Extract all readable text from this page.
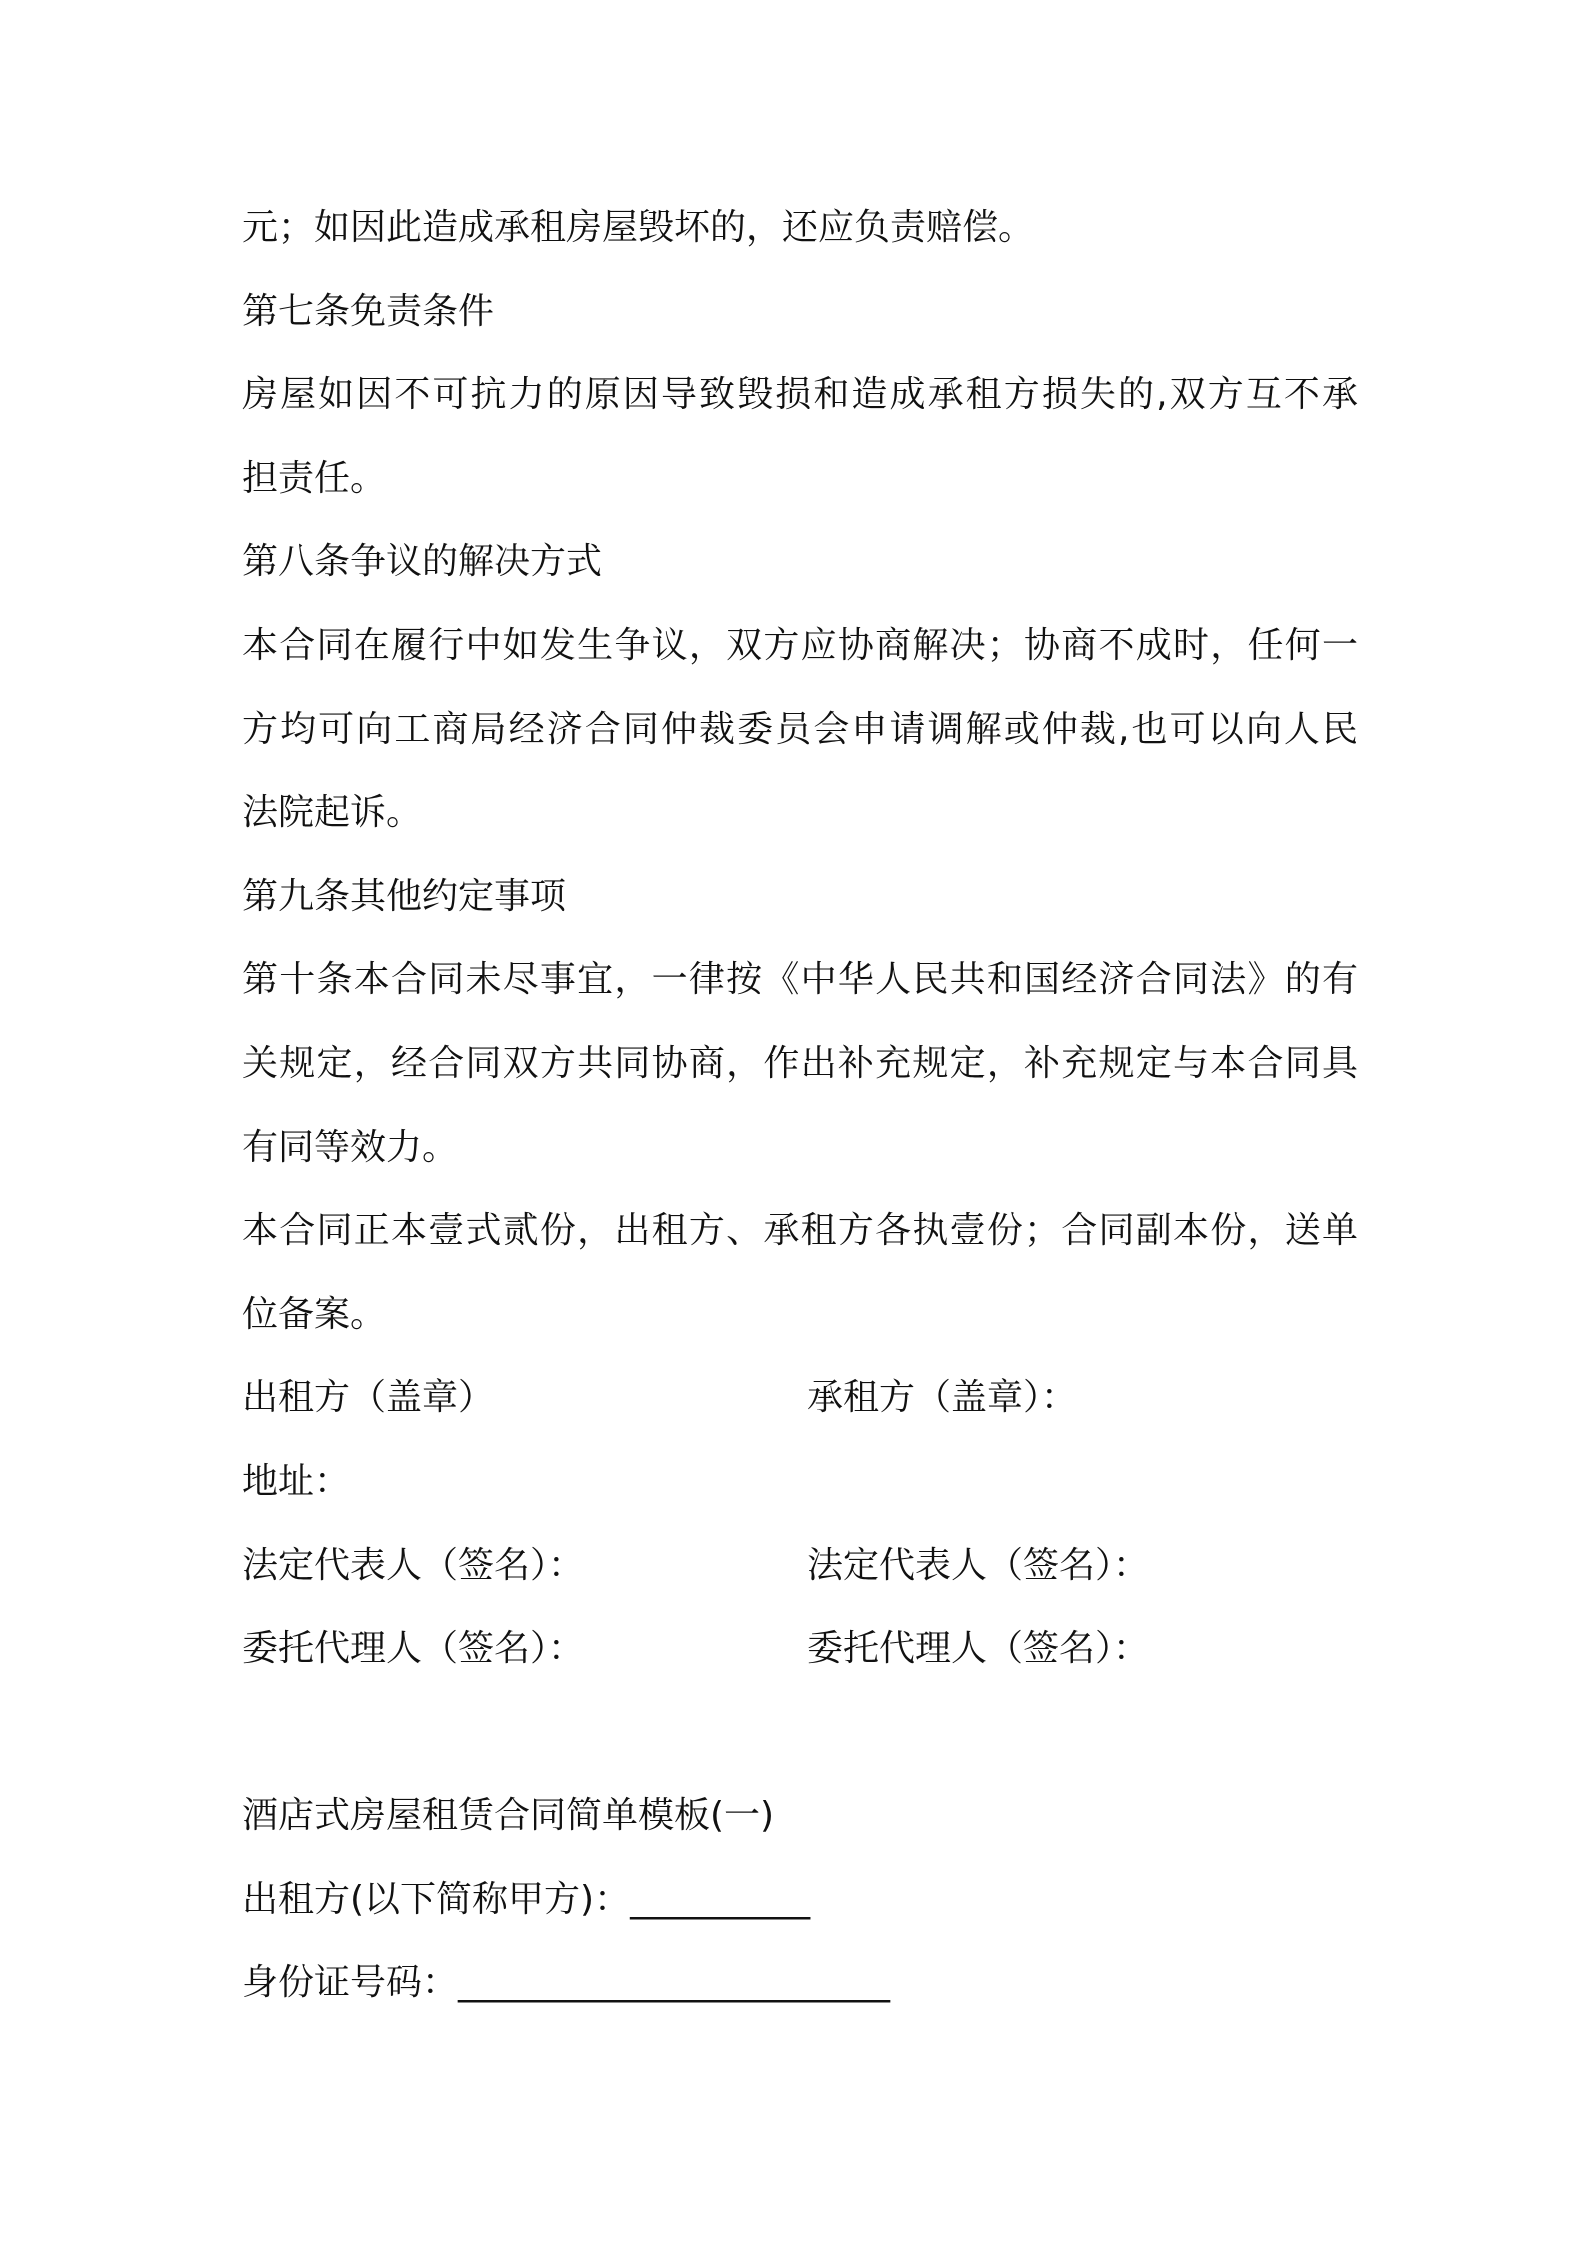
元；如因此造成承租房屋毁坏的，还应负责赔偿。
第七条免责条件
房屋如因不可抗力的原因导致毁损和造成承租方损失的,双方互不承
担责任。
第八条争议的解决方式
本合同在履行中如发生争议，双方应协商解决；协商不成时，任何一
方均可向工商局经济合同仲裁委员会申请调解或仲裁,也可以向人民
法院起诉。
第九条其他约定事项
第十条本合同未尽事宜，一律按《中华人民共和国经济合同法》的有
关规定，经合同双方共同协商，作出补充规定，补充规定与本合同具
有同等效力。
本合同正本壹式贰份，出租方、承租方各执壹份；合同副本份，送单
位备案。
出租方（盖章）	承租方（盖章）：
地址：
法定代表人（签名）：	法定代表人（签名）：
委托代理人（签名）：	委托代理人（签名）：
酒店式房屋租赁合同简单模板(一)
出租方(以下简称甲方)：__________
身份证号码：________________________
